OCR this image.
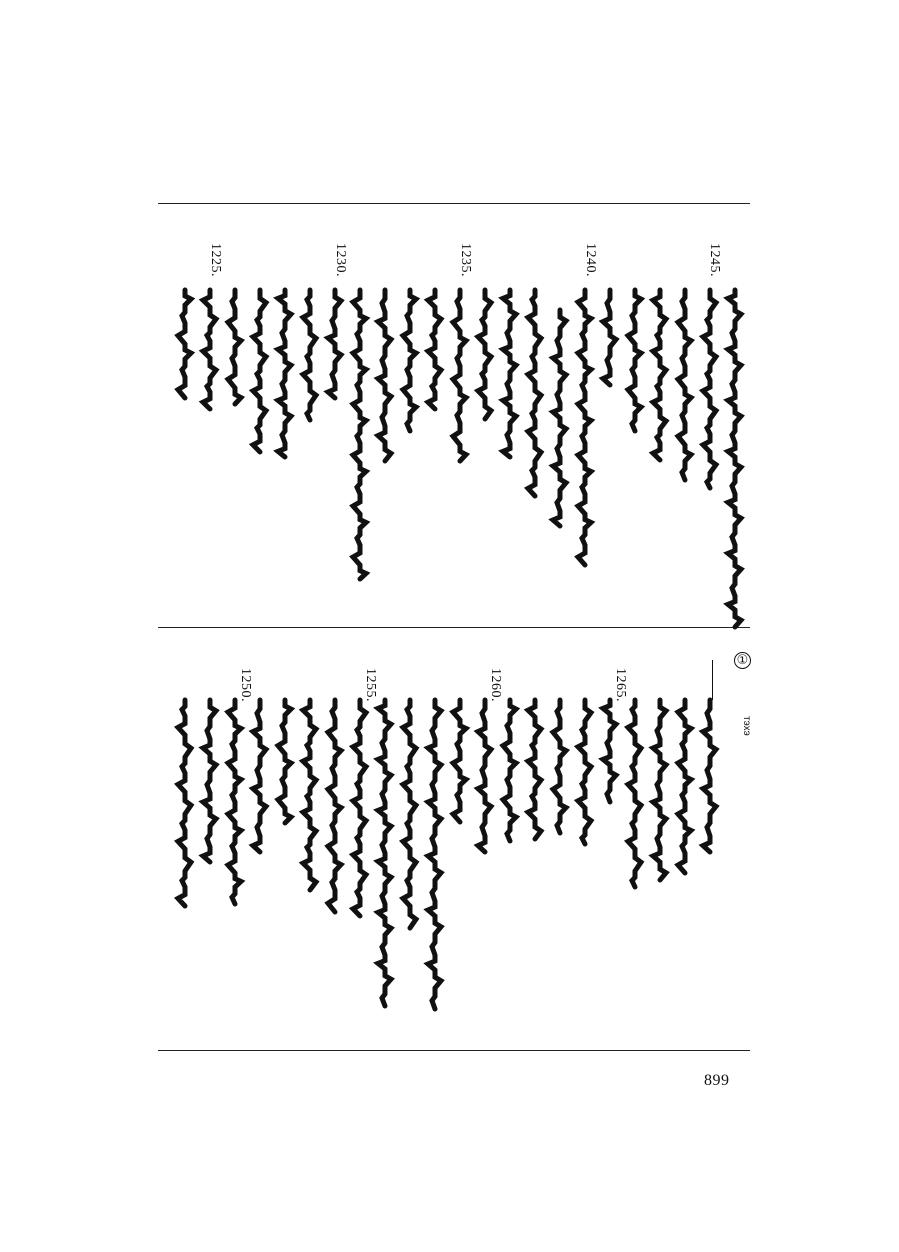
①
тэхэ
1245.
1240.
1235.
1230.
1225.
1265.
1260.
1255.
1250.
899
